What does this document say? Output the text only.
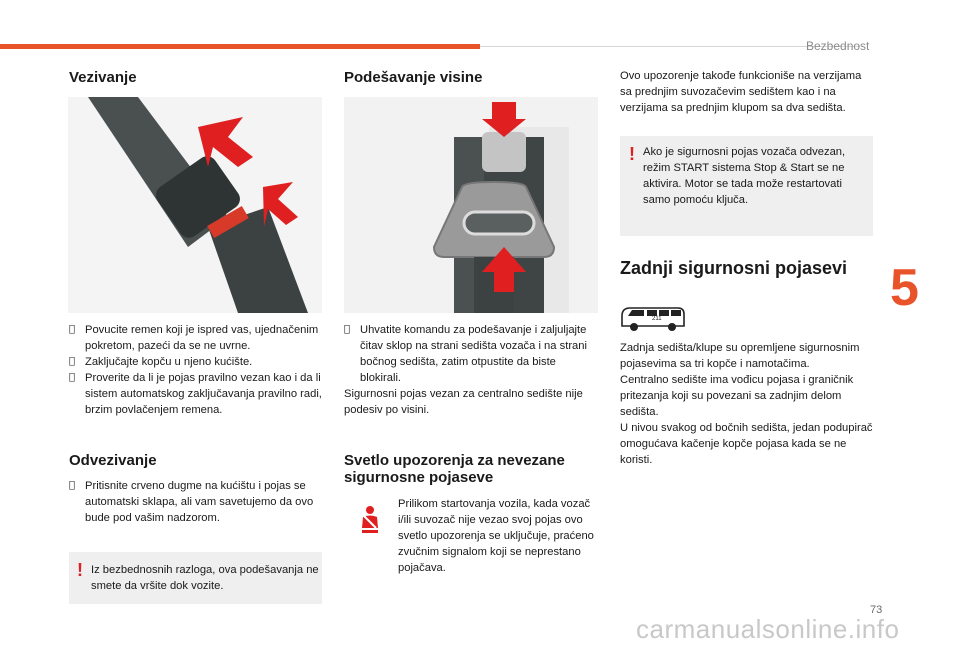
Bezbednost
5
Vezivanje
Povucite remen koji je ispred vas, ujednačenim pokretom, pazeći da se ne uvrne.
Zaključajte kopču u njeno kućište.
Proverite da li je pojas pravilno vezan kao i da li sistem automatskog zaključavanja pravilno radi, brzim povlačenjem remena.
Odvezivanje
Pritisnite crveno dugme na kućištu i pojas se automatski sklapa, ali vam savetujemo da ovo bude pod vašim nadzorom.
! Iz bezbednosnih razloga, ova podešavanja ne smete da vršite dok vozite.
Podešavanje visine
Uhvatite komandu za podešavanje i zaljuljajte čitav sklop na strani sedišta vozača i na strani bočnog sedišta, zatim otpustite da biste blokirali.
Sigurnosni pojas vezan za centralno sedište nije podesiv po visini.
Svetlo upozorenja za nevezane sigurnosne pojaseve
Prilikom startovanja vozila, kada vozač i/ili suvozač nije vezao svoj pojas ovo svetlo upozorenja se uključuje, praćeno zvučnim signalom koji se neprestano pojačava.
Ovo upozorenje takođe funkcioniše na verzijama sa prednjim suvozačevim sedištem kao i na verzijama sa prednjim klupom sa dva sedišta.
! Ako je sigurnosni pojas vozača odvezan, režim START sistema Stop & Start se ne aktivira. Motor se tada može restartovati samo pomoću ključa.
Zadnji sigurnosni pojasevi
211
Zadnja sedišta/klupe su opremljene sigurnosnim pojasevima sa tri kopče i namotačima.
Centralno sedište ima vođicu pojasa i graničnik pritezanja koji su povezani sa zadnjim delom sedišta.
U nivou svakog od bočnih sedišta, jedan podupirač omogućava kačenje kopče pojasa kada se ne koristi.
73
carmanualsonline.info
